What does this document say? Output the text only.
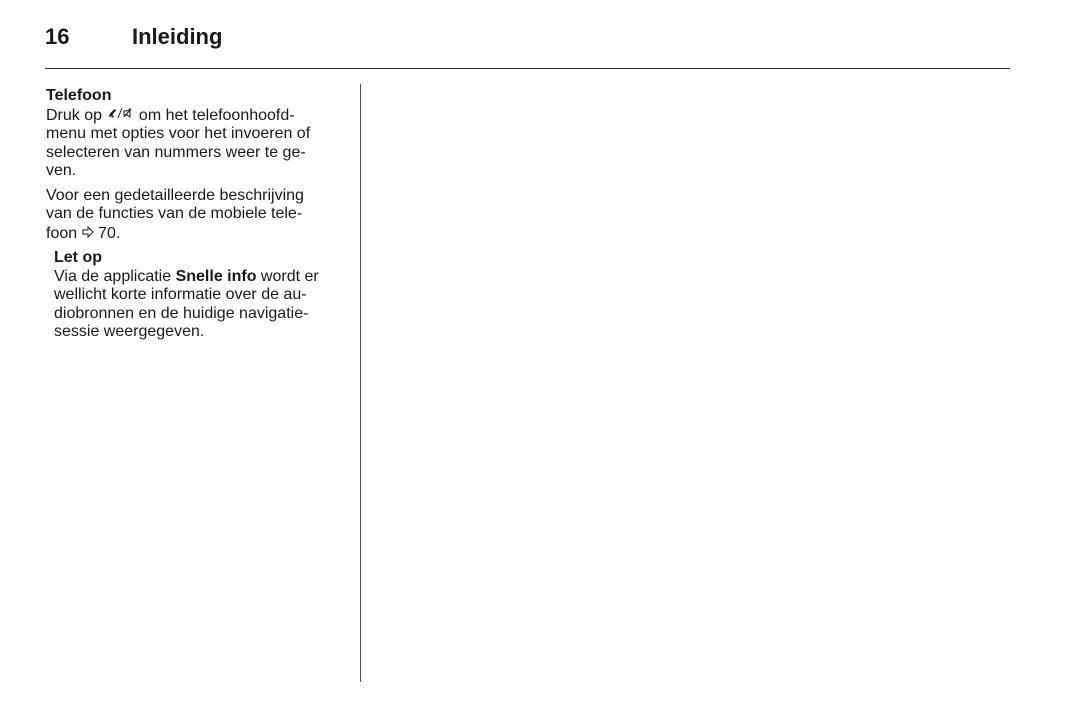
16	Inleiding
Telefoon
Druk op  om het telefoonhoofd-
menu met opties voor het invoeren of
selecteren van nummers weer te ge-
ven.
Voor een gedetailleerde beschrijving
van de functies van de mobiele tele-
foon  70.
Let op
Via de applicatie Snelle info wordt er
wellicht korte informatie over de au-
diobronnen en de huidige navigatie-
sessie weergegeven.
